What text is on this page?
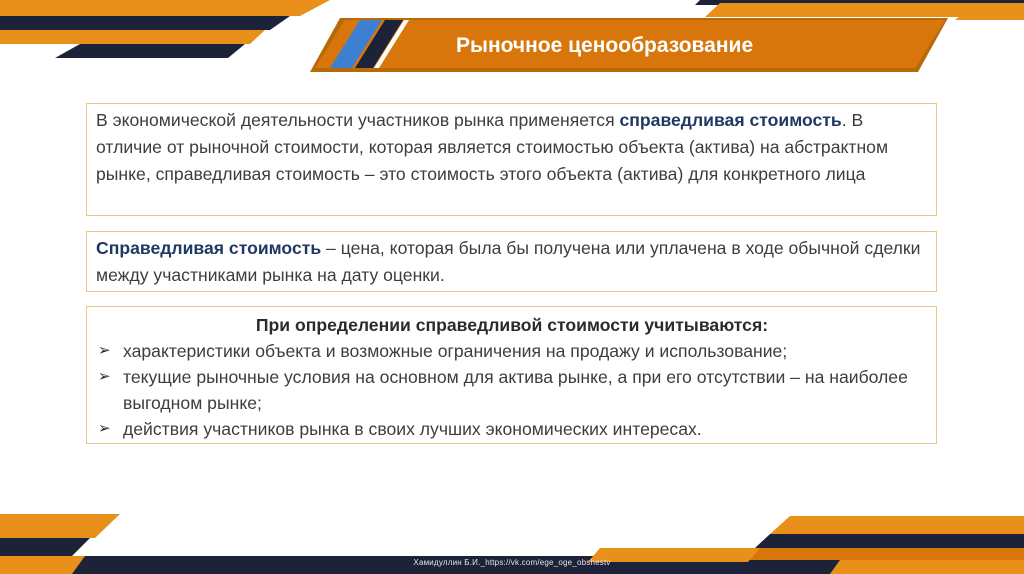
Рыночное ценообразование
В экономической деятельности участников рынка применяется справедливая стоимость. В отличие от рыночной стоимости, которая является стоимостью объекта (актива) на абстрактном рынке, справедливая стоимость – это стоимость этого объекта (актива) для конкретного лица
Справедливая стоимость – цена, которая была бы получена или уплачена в ходе обычной сделки между участниками рынка на дату оценки.
При определении справедливой стоимости учитываются:
➢ характеристики объекта и возможные ограничения на продажу и использование;
➢ текущие рыночные условия на основном для актива рынке, а при его отсутствии – на наиболее выгодном рынке;
➢ действия участников рынка в своих лучших экономических интересах.
Хамидуллин Б.И._https://vk.com/ege_oge_obshestv
